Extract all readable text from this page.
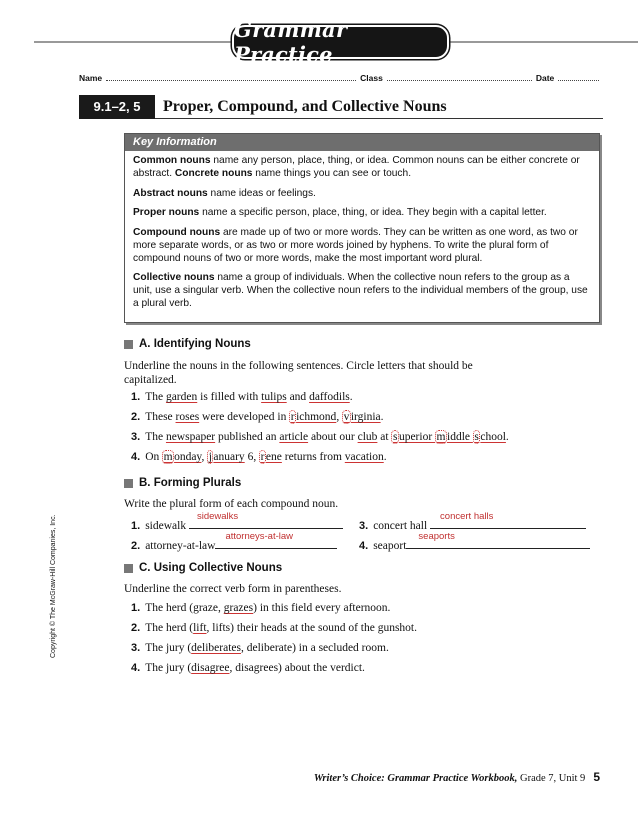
Grammar Practice
Name	Class	Date
9.1–2, 5	Proper, Compound, and Collective Nouns
Key Information

Common nouns name any person, place, thing, or idea. Common nouns can be either concrete or abstract. Concrete nouns name things you can see or touch.

Abstract nouns name ideas or feelings.

Proper nouns name a specific person, place, thing, or idea. They begin with a capital letter.

Compound nouns are made up of two or more words. They can be written as one word, as two or more separate words, or as two or more words joined by hyphens. To write the plural form of compound nouns of two or more words, make the most important word plural.

Collective nouns name a group of individuals. When the collective noun refers to the group as a unit, use a singular verb. When the collective noun refers to the individual members of the group, use a plural verb.

A. Identifying Nouns
Underline the nouns in the following sentences. Circle letters that should be capitalized.
1. The garden is filled with tulips and daffodils.
2. These roses were developed in r ichmond, v irginia.
3. The newspaper published an article about our club at s uperior m iddle s chool.
4. On m onday, j anuary 6, r ene returns from vacation.
B. Forming Plurals
Write the plural form of each compound noun.
1. sidewalk
sidewalks
3. concert hall
concert halls
2. attorney-at-law
attorneys-at-law
4. seaport
seaports
C. Using Collective Nouns
Underline the correct verb form in parentheses.
1. The herd (graze, grazes) in this field every afternoon.
2. The herd (lift, lifts) their heads at the sound of the gunshot.
3. The jury (deliberates, deliberate) in a secluded room.
4. The jury (disagree, disagrees) about the verdict.
Copyright © The McGraw-Hill Companies, Inc.
Writer’s Choice: Grammar Practice Workbook, Grade 7, Unit 9 5
